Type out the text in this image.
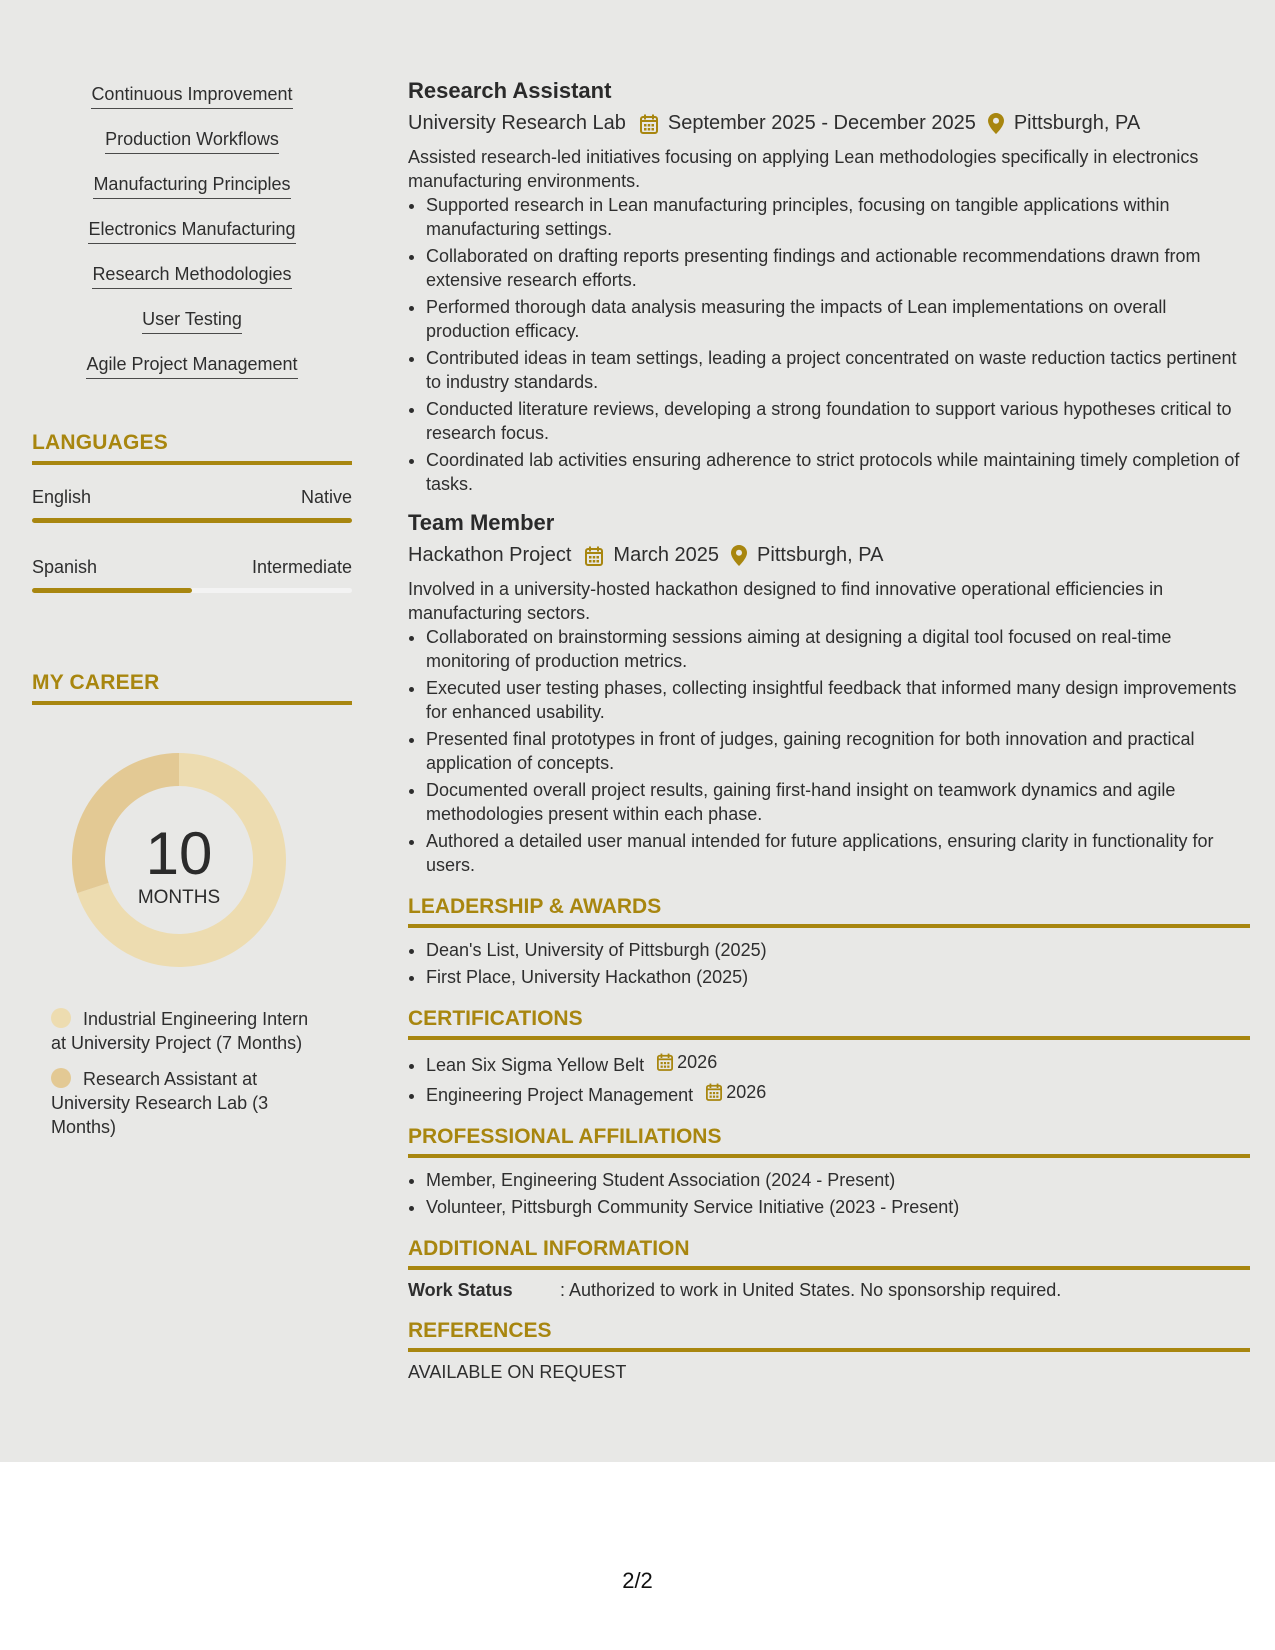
Continuous Improvement
Production Workflows
Manufacturing Principles
Electronics Manufacturing
Research Methodologies
User Testing
Agile Project Management
LANGUAGES
English	Native
Spanish	Intermediate
MY CAREER
10
MONTHS
Industrial Engineering Intern at University Project (7 Months)
Research Assistant at University Research Lab (3 Months)
Research Assistant
University Research Lab September 2025 - December 2025 Pittsburgh, PA
Assisted research-led initiatives focusing on applying Lean methodologies specifically in electronics manufacturing environments.
• Supported research in Lean manufacturing principles, focusing on tangible applications within manufacturing settings.
• Collaborated on drafting reports presenting findings and actionable recommendations drawn from extensive research efforts.
• Performed thorough data analysis measuring the impacts of Lean implementations on overall production efficacy.
• Contributed ideas in team settings, leading a project concentrated on waste reduction tactics pertinent to industry standards.
• Conducted literature reviews, developing a strong foundation to support various hypotheses critical to research focus.
• Coordinated lab activities ensuring adherence to strict protocols while maintaining timely completion of tasks.
Team Member
Hackathon Project March 2025 Pittsburgh, PA
Involved in a university-hosted hackathon designed to find innovative operational efficiencies in manufacturing sectors.
• Collaborated on brainstorming sessions aiming at designing a digital tool focused on real-time monitoring of production metrics.
• Executed user testing phases, collecting insightful feedback that informed many design improvements for enhanced usability.
• Presented final prototypes in front of judges, gaining recognition for both innovation and practical application of concepts.
• Documented overall project results, gaining first-hand insight on teamwork dynamics and agile methodologies present within each phase.
• Authored a detailed user manual intended for future applications, ensuring clarity in functionality for users.
LEADERSHIP & AWARDS
• Dean's List, University of Pittsburgh (2025)
• First Place, University Hackathon (2025)
CERTIFICATIONS
• Lean Six Sigma Yellow Belt 2026
• Engineering Project Management 2026
PROFESSIONAL AFFILIATIONS
• Member, Engineering Student Association (2024 - Present)
• Volunteer, Pittsburgh Community Service Initiative (2023 - Present)
ADDITIONAL INFORMATION
Work Status	: Authorized to work in United States. No sponsorship required.
REFERENCES
AVAILABLE ON REQUEST
2/2
